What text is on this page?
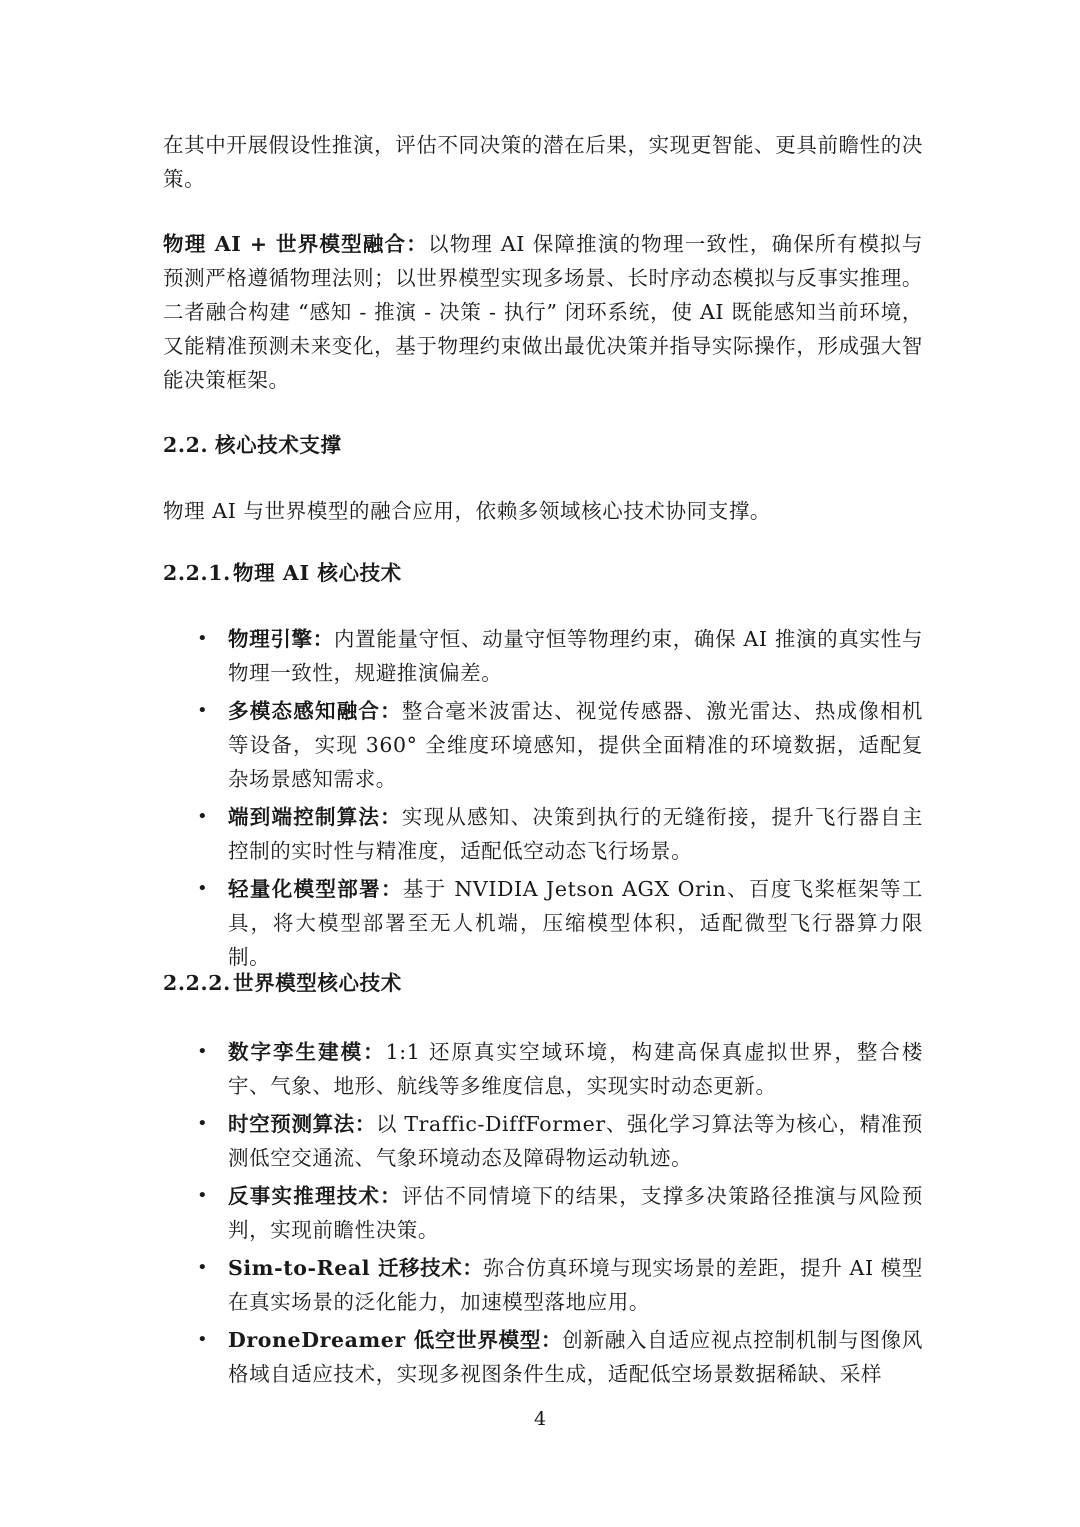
在其中开展假设性推演，评估不同决策的潜在后果，实现更智能、更具前瞻性的决策。

物理 AI + 世界模型融合：以物理 AI 保障推演的物理一致性，确保所有模拟与预测严格遵循物理法则；以世界模型实现多场景、长时序动态模拟与反事实推理。二者融合构建 “感知 - 推演 - 决策 - 执行” 闭环系统，使 AI 既能感知当前环境，又能精准预测未来变化，基于物理约束做出最优决策并指导实际操作，形成强大智能决策框架。

2.2. 核心技术支撑

物理 AI 与世界模型的融合应用，依赖多领域核心技术协同支撑。

2.2.1. 物理 AI 核心技术
• 物理引擎：内置能量守恒、动量守恒等物理约束，确保 AI 推演的真实性与物理一致性，规避推演偏差。
• 多模态感知融合：整合毫米波雷达、视觉传感器、激光雷达、热成像相机等设备，实现 360° 全维度环境感知，提供全面精准的环境数据，适配复杂场景感知需求。
• 端到端控制算法：实现从感知、决策到执行的无缝衔接，提升飞行器自主控制的实时性与精准度，适配低空动态飞行场景。
• 轻量化模型部署：基于 NVIDIA Jetson AGX Orin、百度飞桨框架等工具，将大模型部署至无人机端，压缩模型体积，适配微型飞行器算力限制。
2.2.2. 世界模型核心技术
• 数字孪生建模：1:1 还原真实空域环境，构建高保真虚拟世界，整合楼宇、气象、地形、航线等多维度信息，实现实时动态更新。
• 时空预测算法：以 Traffic-DiffFormer、强化学习算法等为核心，精准预测低空交通流、气象环境动态及障碍物运动轨迹。
• 反事实推理技术：评估不同情境下的结果，支撑多决策路径推演与风险预判，实现前瞻性决策。
• Sim-to-Real 迁移技术：弥合仿真环境与现实场景的差距，提升 AI 模型在真实场景的泛化能力，加速模型落地应用。
• DroneDreamer 低空世界模型：创新融入自适应视点控制机制与图像风格域自适应技术，实现多视图条件生成，适配低空场景数据稀缺、采样
4
